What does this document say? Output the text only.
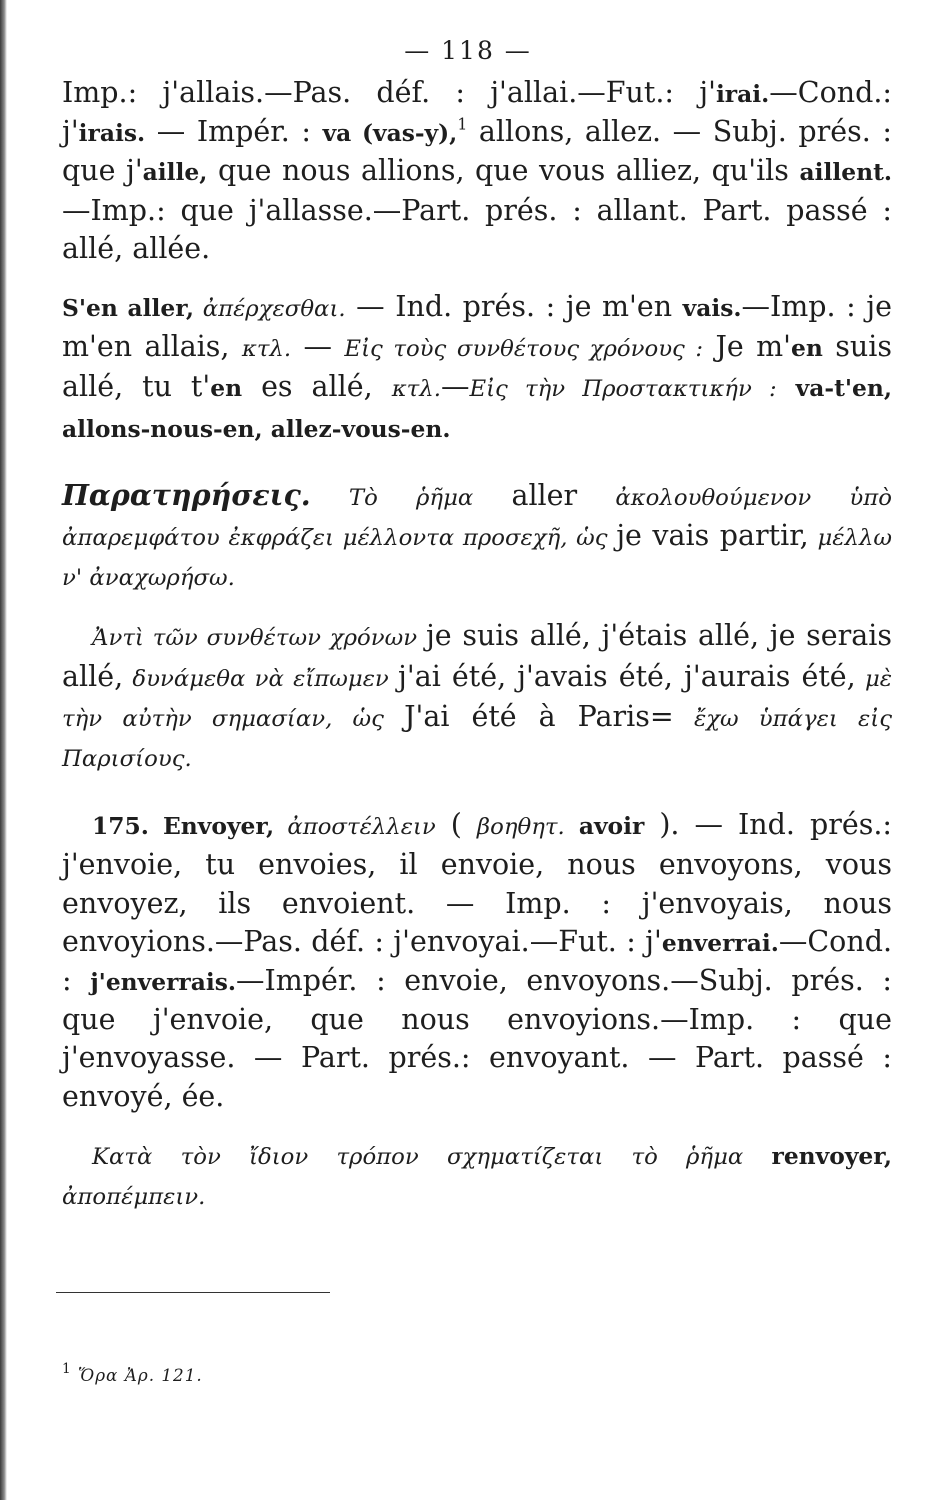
— 118 —

Imp.: j'allais.—Pas. déf. : j'allai.—Fut.: j'irai.—Cond.: j'irais. — Impér. : va (vas-y),$^1$ allons, allez. — Subj. prés. : que j'aille, que nous allions, que vous alliez, qu'ils aillent.—Imp.: que j'allasse.—Part. prés. : allant. Part. passé : allé, allée.

S'en aller, ἀπέρχεσθαι. — Ind. prés. : je m'en vais.—Imp. : je m'en allais, κτλ. — Εἰς τοὺς συνθέτους χρόνους : Je m'en suis allé, tu t'en es allé, κτλ.—Εἰς τὴν Προστακτικήν : va-t'en, allons-nous-en, allez-vous-en.

Παρατηρήσεις. Τὸ ῥῆμα aller ἀκολουθούμενον ὑπὸ ἀπαρεμφάτου ἐκφράζει μέλλοντα προσεχῆ, ὡς je vais partir, μέλλω ν' ἀναχωρήσω.

Ἀντὶ τῶν συνθέτων χρόνων je suis allé, j'étais allé, je serais allé, δυνάμεθα νὰ εἴπωμεν j'ai été, j'avais été, j'aurais été, μὲ τὴν αὐτὴν σημασίαν, ὡς J'ai été à Paris= ἔχω ὑπάγει εἰς Παρισίους.

175. Envoyer, ἀποστέλλειν ( βοηθητ. avoir ). — Ind. prés.: j'envoie, tu envoies, il envoie, nous envoyons, vous envoyez, ils envoient. — Imp. : j'envoyais, nous envoyions.—Pas. déf. : j'envoyai.—Fut. : j'enverrai.—Cond. : j'enverrais.—Impér. : envoie, envoyons.—Subj. prés. : que j'envoie, que nous envoyions.—Imp. : que j'envoyasse. — Part. prés.: envoyant. — Part. passé : envoyé, ée.

Κατὰ τὸν ἴδιον τρόπον σχηματίζεται τὸ ῥῆμα renvoyer, ἀποπέμπειν.

$^1$ Ὅρα Ἀρ. 121.
